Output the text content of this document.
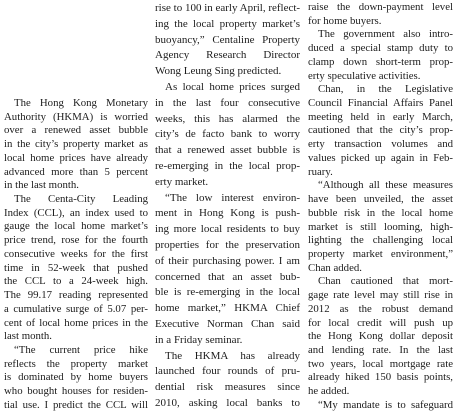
The Hong Kong Monetary
Authority (HKMA) is worried
over a renewed asset bubble
in the city’s property market as
local home prices have already
advanced more than 5 percent
in the last month.
The Centa-City Leading
Index (CCL), an index used to
gauge the local home market’s
price trend, rose for the fourth
consecutive weeks for the first
time in 52-week that pushed
the CCL to a 24-week high.
The 99.17 reading represented
a cumulative surge of 5.07 per-
cent of local home prices in the
last month.
“The current price hike
reflects the property market
is dominated by home buyers
who bought houses for residen-
tial use. I predict the CCL will
rise to 100 in early April, reflect-
ing the local property market’s
buoyancy,” Centaline Property
Agency Research Director
Wong Leung Sing predicted.
As local home prices surged
in the last four consecutive
weeks, this has alarmed the
city’s de facto bank to worry
that a renewed asset bubble is
re-emerging in the local prop-
erty market.
“The low interest environ-
ment in Hong Kong is push-
ing more local residents to buy
properties for the preservation
of their purchasing power. I am
concerned that an asset bub-
ble is re-emerging in the local
home market,” HKMA Chief
Executive Norman Chan said
in a Friday seminar.
The HKMA has already
launched four rounds of pru-
dential risk measures since
2010, asking local banks to
raise the down-payment level
for home buyers.
The government also intro-
duced a special stamp duty to
clamp down short-term prop-
erty speculative activities.
Chan, in the Legislative
Council Financial Affairs Panel
meeting held in early March,
cautioned that the city’s prop-
erty transaction volumes and
values picked up again in Feb-
ruary.
“Although all these measures
have been unveiled, the asset
bubble risk in the local home
market is still looming, high-
lighting the challenging local
property market environment,”
Chan added.
Chan cautioned that mort-
gage rate level may still rise in
2012 as the robust demand
for local credit will push up
the Hong Kong dollar deposit
and lending rate. In the last
two years, local mortgage rate
already hiked 150 basis points,
he added.
“My mandate is to safeguard
